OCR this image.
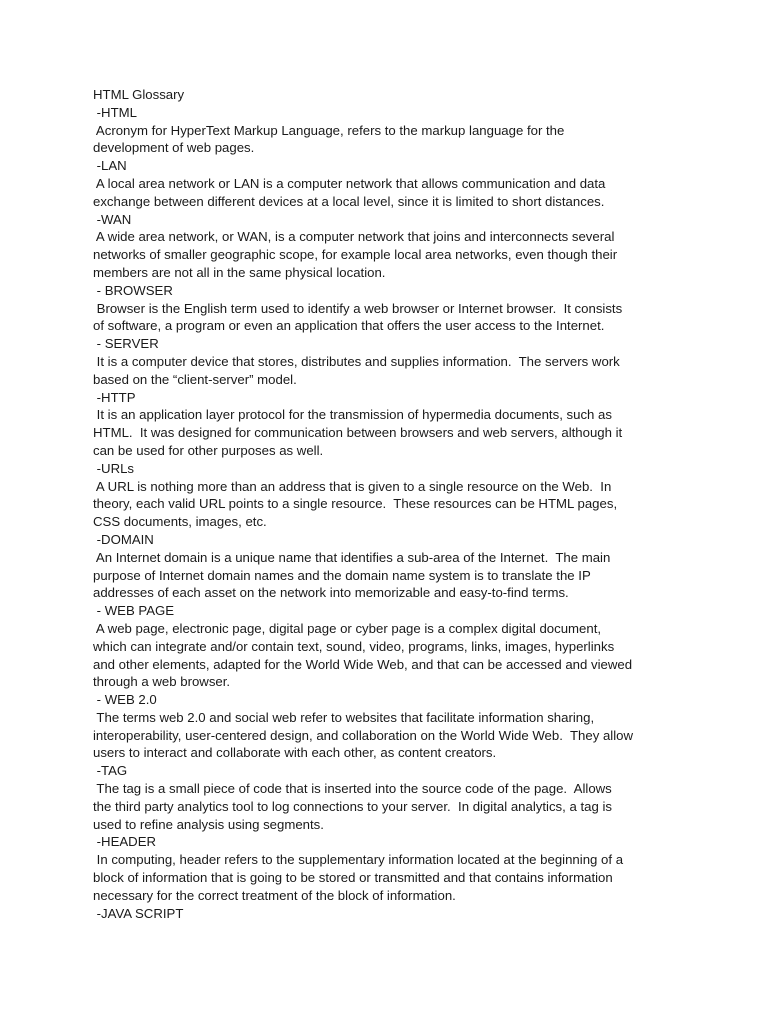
HTML Glossary
-HTML
Acronym for HyperText Markup Language, refers to the markup language for the
development of web pages.
-LAN
A local area network or LAN is a computer network that allows communication and data
exchange between different devices at a local level, since it is limited to short distances.
-WAN
A wide area network, or WAN, is a computer network that joins and interconnects several
networks of smaller geographic scope, for example local area networks, even though their
members are not all in the same physical location.
- BROWSER
Browser is the English term used to identify a web browser or Internet browser.  It consists
of software, a program or even an application that offers the user access to the Internet.
- SERVER
It is a computer device that stores, distributes and supplies information.  The servers work
based on the “client-server” model.
-HTTP
It is an application layer protocol for the transmission of hypermedia documents, such as
HTML.  It was designed for communication between browsers and web servers, although it
can be used for other purposes as well.
-URLs
A URL is nothing more than an address that is given to a single resource on the Web.  In
theory, each valid URL points to a single resource.  These resources can be HTML pages,
CSS documents, images, etc.
-DOMAIN
An Internet domain is a unique name that identifies a sub-area of the Internet.  The main
purpose of Internet domain names and the domain name system is to translate the IP
addresses of each asset on the network into memorizable and easy-to-find terms.
- WEB PAGE
A web page, electronic page, digital page or cyber page is a complex digital document,
which can integrate and/or contain text, sound, video, programs, links, images, hyperlinks
and other elements, adapted for the World Wide Web, and that can be accessed and viewed
through a web browser.
- WEB 2.0
The terms web 2.0 and social web refer to websites that facilitate information sharing,
interoperability, user-centered design, and collaboration on the World Wide Web.  They allow
users to interact and collaborate with each other, as content creators.
-TAG
The tag is a small piece of code that is inserted into the source code of the page.  Allows
the third party analytics tool to log connections to your server.  In digital analytics, a tag is
used to refine analysis using segments.
-HEADER
In computing, header refers to the supplementary information located at the beginning of a
block of information that is going to be stored or transmitted and that contains information
necessary for the correct treatment of the block of information.
-JAVA SCRIPT
